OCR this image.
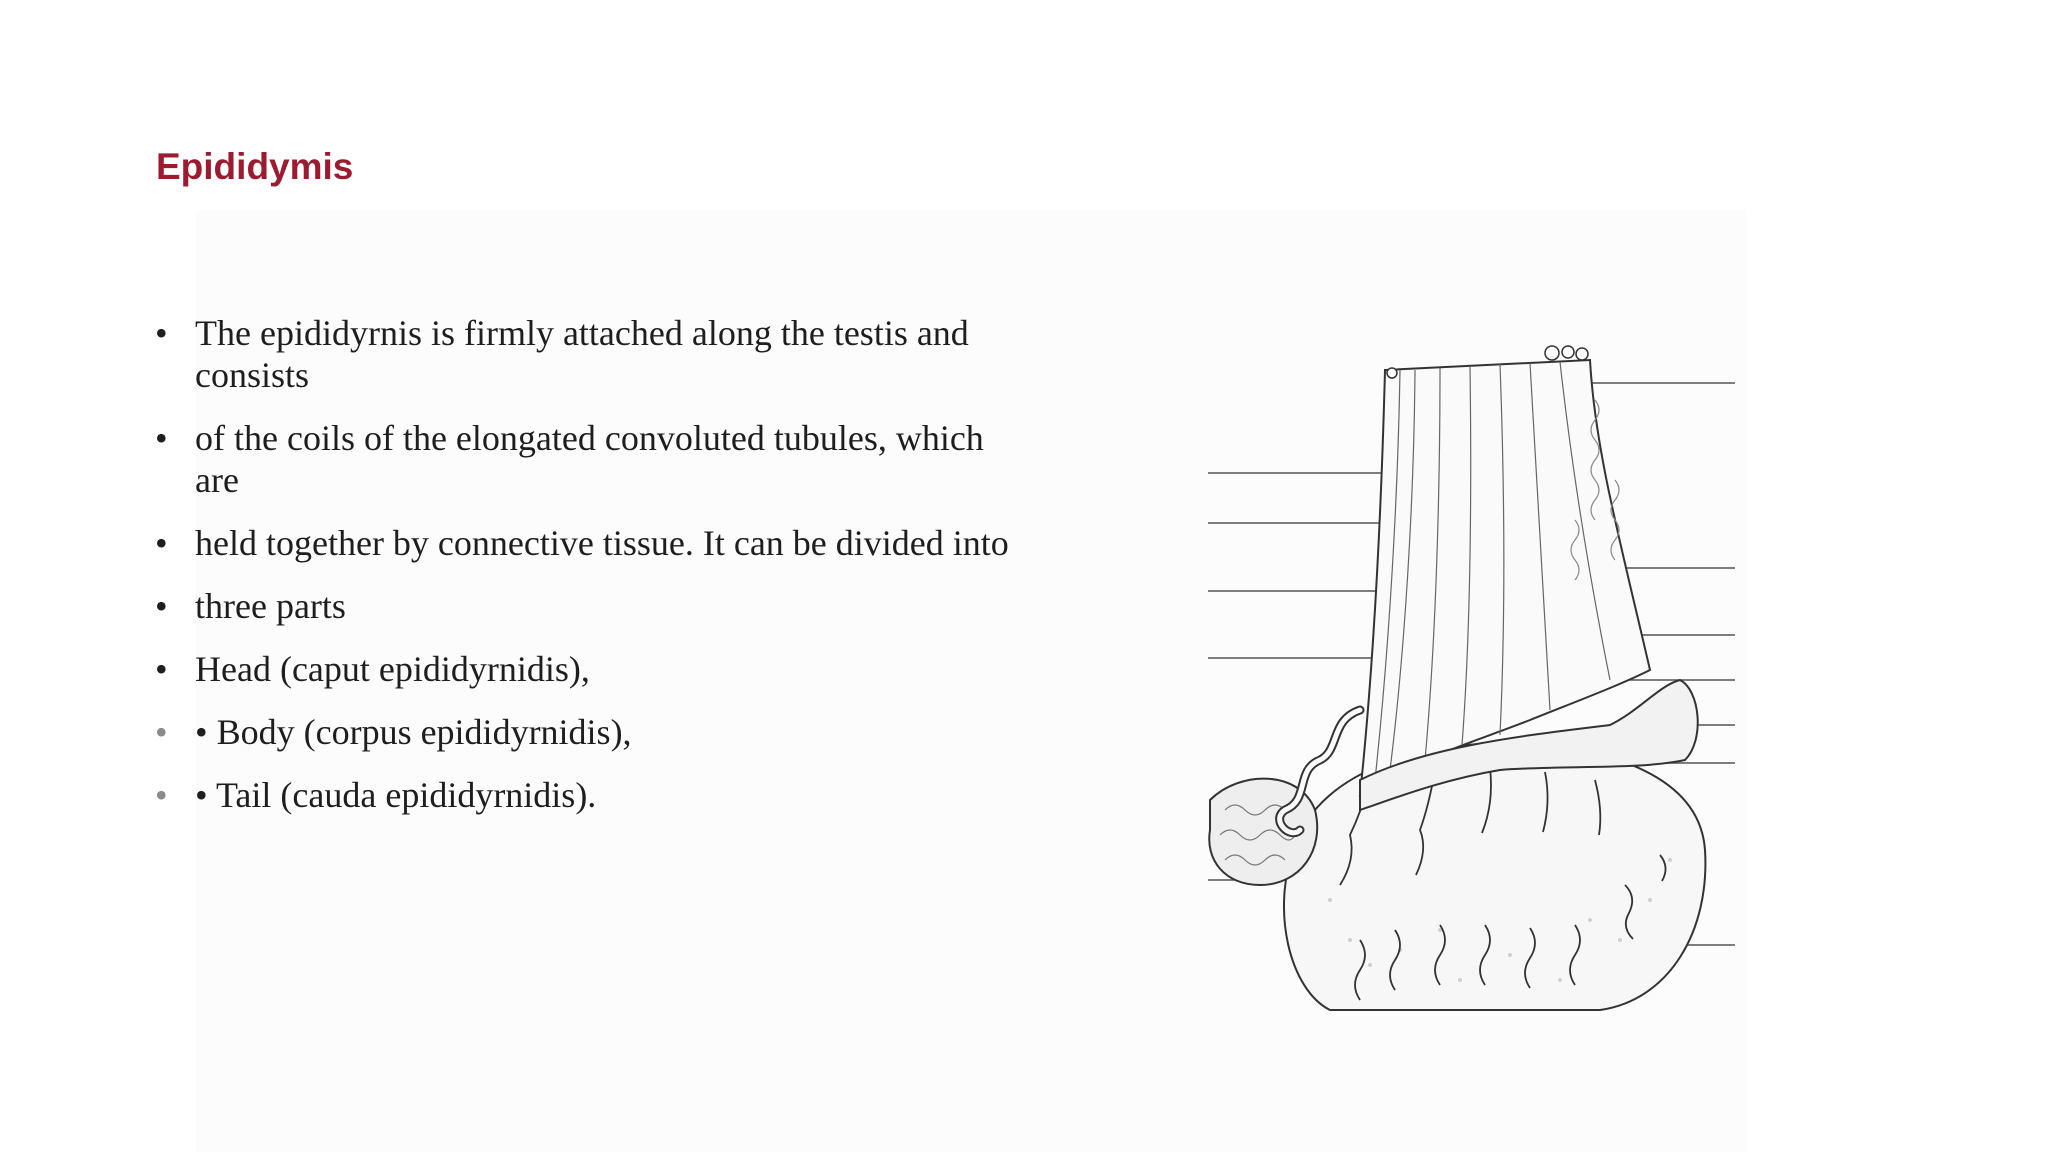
Epididymis
• The epididyrnis is firmly attached along the testis and consists
• of the coils of the elongated convoluted tubules, which are
• held together by connective tissue. It can be divided into
• three parts
• Head (caput epididyrnidis),
• • Body (corpus epididyrnidis),
• • Tail (cauda epididyrnidis).
